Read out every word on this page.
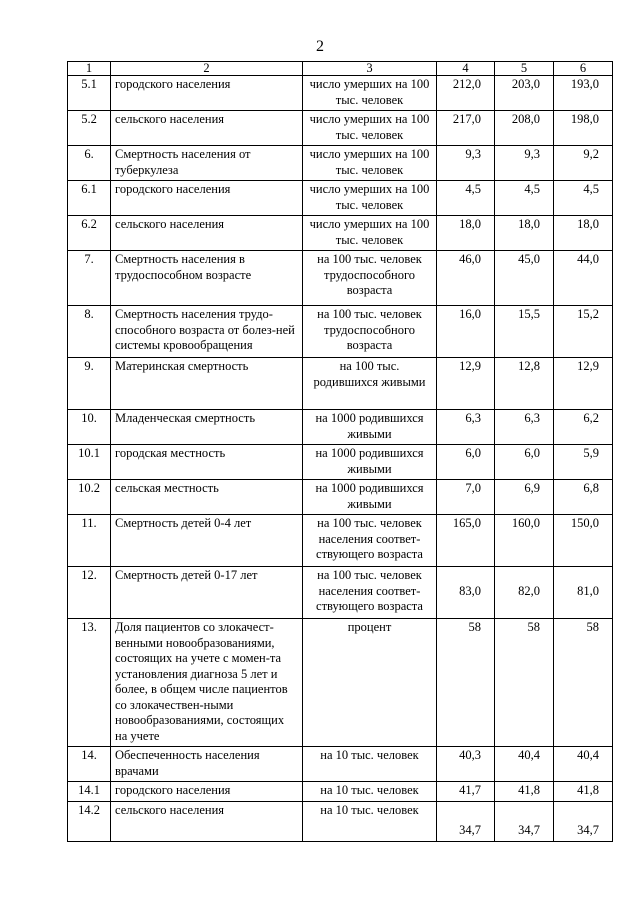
2
1	2	3	4	5	6
5.1	городского населения	число умерших на 100 тыс. человек	212,0	203,0	193,0
5.2	сельского населения	число умерших на 100 тыс. человек	217,0	208,0	198,0
6.	Смертность населения от туберкулеза	число умерших на 100 тыс. человек	9,3	9,3	9,2
6.1	городского населения	число умерших на 100 тыс. человек	4,5	4,5	4,5
6.2	сельского населения	число умерших на 100 тыс. человек	18,0	18,0	18,0
7.	Смертность населения в трудоспособном возрасте	на 100 тыс. человек трудоспособного возраста	46,0	45,0	44,0
8.	Смертность населения трудо-способного возраста от болез-ней системы кровообращения	на 100 тыс. человек трудоспособного возраста	16,0	15,5	15,2
9.	Материнская смертность	на 100 тыс. родившихся живыми	12,9	12,8	12,9
10.	Младенческая смертность	на 1000 родившихся живыми	6,3	6,3	6,2
10.1	городская местность	на 1000 родившихся живыми	6,0	6,0	5,9
10.2	сельская местность	на 1000 родившихся живыми	7,0	6,9	6,8
11.	Смертность детей 0-4 лет	на 100 тыс. человек населения соответ-ствующего возраста	165,0	160,0	150,0
12.	Смертность детей 0-17 лет	на 100 тыс. человек населения соответ-ствующего возраста	83,0	82,0	81,0
13.	Доля пациентов со злокачест-венными новообразованиями, состоящих на учете с момен-та установления диагноза 5 лет и более, в общем числе пациентов со злокачествен-ными новообразованиями, состоящих на учете	процент	58	58	58
14.	Обеспеченность населения врачами	на 10 тыс. человек	40,3	40,4	40,4
14.1	городского населения	на 10 тыс. человек	41,7	41,8	41,8
14.2	сельского населения	на 10 тыс. человек	34,7	34,7	34,7
